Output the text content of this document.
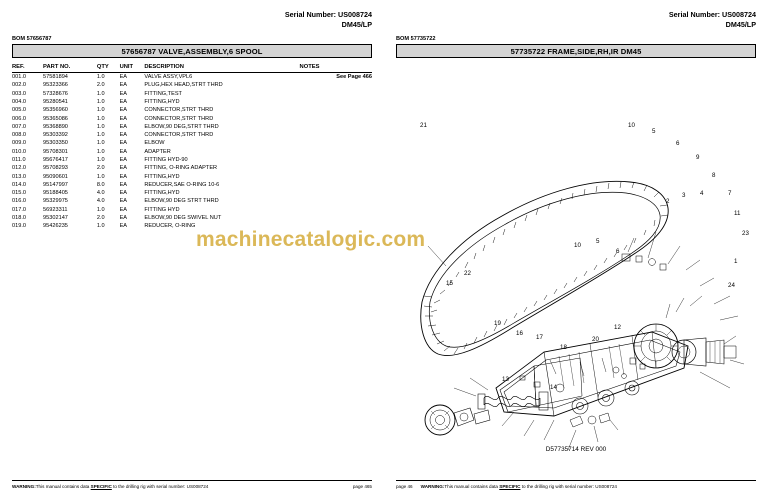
Serial Number: US008724
DM45/LP
BOM 57656787
57656787 VALVE,ASSEMBLY,6 SPOOL
REF.	PART NO.	QTY	UNIT	DESCRIPTION	NOTES
001.0	57581894	1.0	EA	VALVE ASSY,VPL6	See Page 466
002.0	95323366	2.0	EA	PLUG,HEX HEAD,STRT THRD	
003.0	57328676	1.0	EA	FITTING,TEST	
004.0	95280541	1.0	EA	FITTING,HYD	
005.0	95356960	1.0	EA	CONNECTOR,STRT THRD	
006.0	95365086	1.0	EA	CONNECTOR,STRT THRD	
007.0	95368890	1.0	EA	ELBOW,90 DEG,STRT THRD	
008.0	95303392	1.0	EA	CONNECTOR,STRT THRD	
009.0	95303350	1.0	EA	ELBOW	
010.0	95708301	1.0	EA	ADAPTER	
011.0	95676417	1.0	EA	FITTING HYD-90	
012.0	95708293	2.0	EA	FITTING, O-RING ADAPTER	
013.0	95090601	1.0	EA	FITTING,HYD	
014.0	95147997	8.0	EA	REDUCER,SAE O-RING 10-6	
015.0	95188405	4.0	EA	FITTING,HYD	
016.0	95329975	4.0	EA	ELBOW,90 DEG STRT THRD	
017.0	56923311	1.0	EA	FITTING HYD	
018.0	95302147	2.0	EA	ELBOW,90 DEG SWIVEL NUT	
019.0	95426235	1.0	EA	REDUCER, O-RING	
WARNING:This manual contains data SPECIFIC to the drilling rig with serial number: US008724	page 465
Serial Number: US008724
DM45/LP
BOM 57735722
57735722 FRAME,SIDE,RH,IR DM45
21	10
5
6
9
8
7
4
3
2
11
23
1
24
15
22
19
16
17
18
20
12
13
14
10
5
6
D57735714 REV 000
page 46	WARNING:This manual contains data SPECIFIC to the drilling rig with serial number: US008724
machinecatalogic.com
